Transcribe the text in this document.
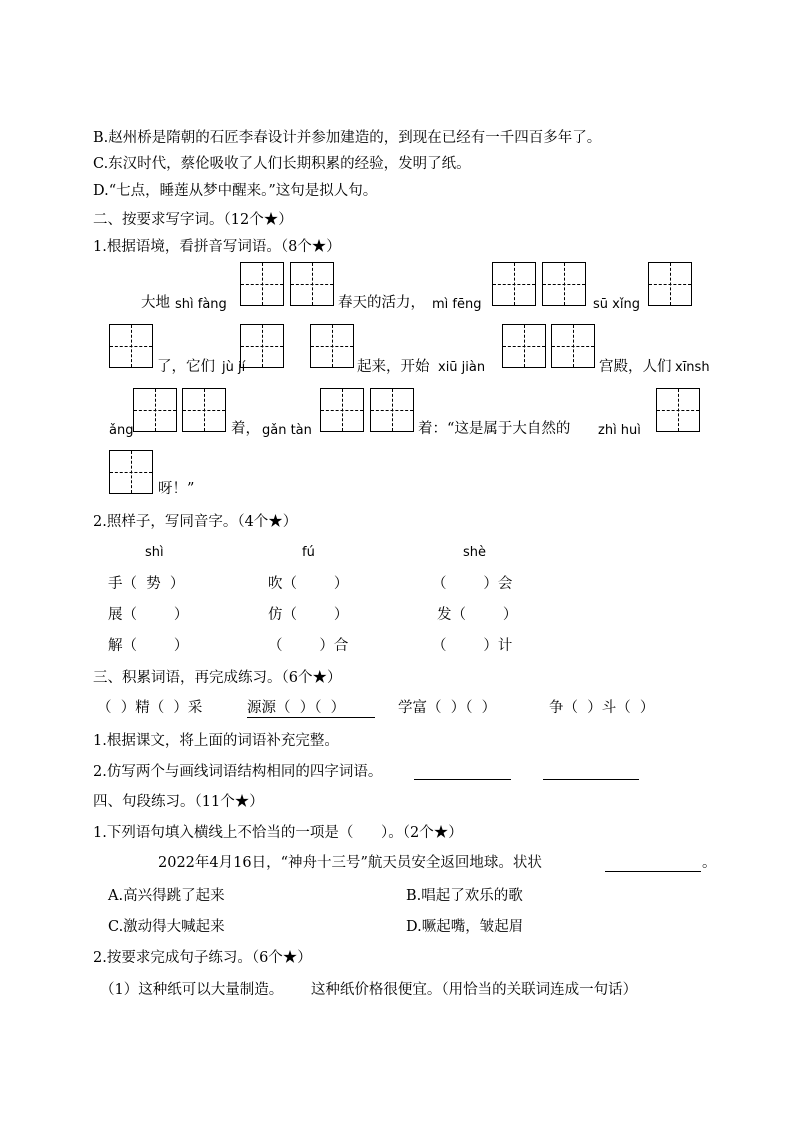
B.赵州桥是隋朝的石匠李春设计并参加建造的，到现在已经有一千四百多年了。
C.东汉时代，蔡伦吸收了人们长期积累的经验，发明了纸。
D.“七点，睡莲从梦中醒来。”这句是拟人句。
二、按要求写字词。（12个★）
1.根据语境，看拼音写词语。（8个★）
大地 shì fàng	春天的活力， mì fēng	sū xǐng
了，它们 jù jí	起来，开始 xiū jiàn	宫殿，人们 xīnsh
ǎng	着， gǎn tàn	着：“这是属于大自然的 zhì huì
呀！”
2.照样子，写同音字。（4个★）
shì	fú	shè
手（  势  ）	吹（        ）	（        ）会
展（        ）	仿（        ）	发（        ）
解（        ）	（        ）合	（        ）计
三、积累词语，再完成练习。（6个★）
（  ）精（  ）采	源源（  ）（  ）	学富（  ）（  ）	争（  ）斗（  ）
1.根据课文，将上面的词语补充完整。
2.仿写两个与画线词语结构相同的四字词语。
四、句段练习。（11个★）
1.下列语句填入横线上不恰当的一项是（      ）。（2个★）
2022年4月16日，“神舟十三号”航天员安全返回地球。状状	。
A.高兴得跳了起来	B.唱起了欢乐的歌
C.激动得大喊起来	D.噘起嘴，皱起眉
2.按要求完成句子练习。（6个★）
（1）这种纸可以大量制造。      这种纸价格很便宜。（用恰当的关联词连成一句话）
